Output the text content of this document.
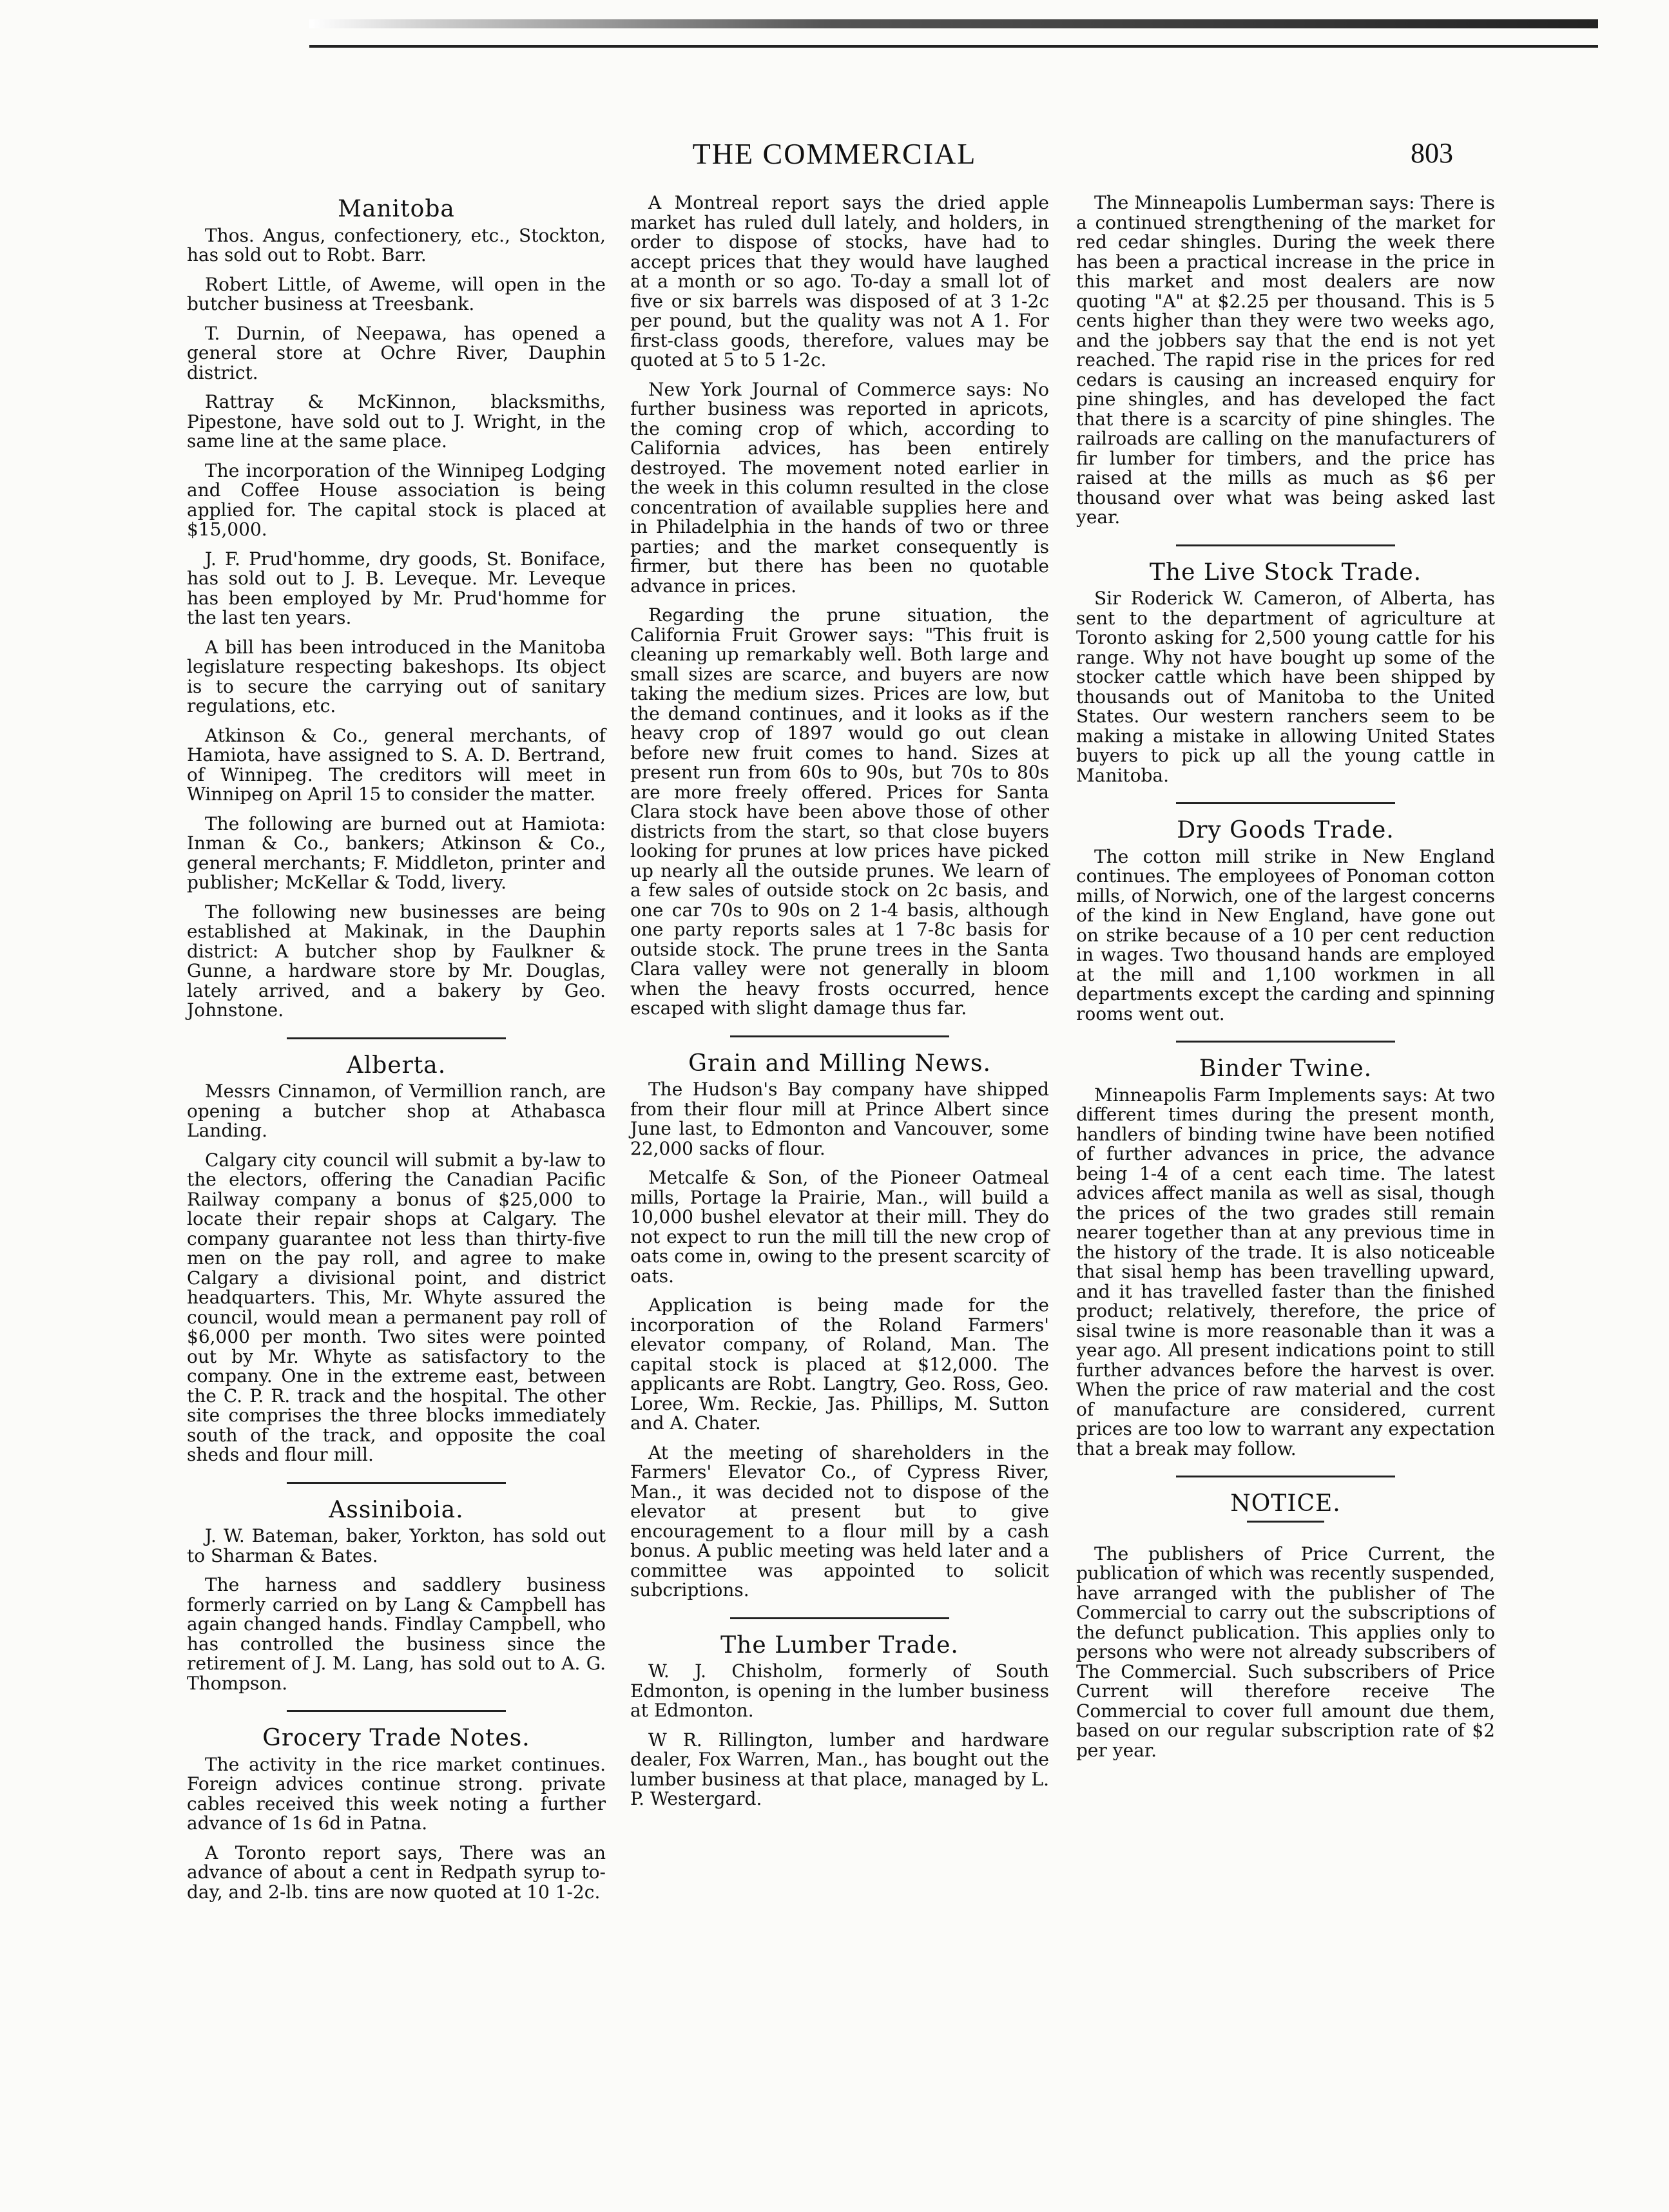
THE COMMERCIAL	803
Manitoba

Thos. Angus, confectionery, etc., Stockton, has sold out to Robt. Barr.

Robert Little, of Aweme, will open in the butcher business at Treesbank.

T. Durnin, of Neepawa, has opened a general store at Ochre River, Dauphin district.

Rattray & McKinnon, blacksmiths, Pipestone, have sold out to J. Wright, in the same line at the same place.

The incorporation of the Winnipeg Lodging and Coffee House association is being applied for. The capital stock is placed at $15,000.

J. F. Prud'homme, dry goods, St. Boniface, has sold out to J. B. Leveque. Mr. Leveque has been employed by Mr. Prud'homme for the last ten years.

A bill has been introduced in the Manitoba legislature respecting bakeshops. Its object is to secure the carrying out of sanitary regulations, etc.

Atkinson & Co., general merchants, of Hamiota, have assigned to S. A. D. Bertrand, of Winnipeg. The creditors will meet in Winnipeg on April 15 to consider the matter.

The following are burned out at Hamiota: Inman & Co., bankers; Atkinson & Co., general merchants; F. Middleton, printer and publisher; McKellar & Todd, livery.

The following new businesses are being established at Makinak, in the Dauphin district: A butcher shop by Faulkner & Gunne, a hardware store by Mr. Douglas, lately arrived, and a bakery by Geo. Johnstone.

Alberta.

Messrs Cinnamon, of Vermillion ranch, are opening a butcher shop at Athabasca Landing.

Calgary city council will submit a by-law to the electors, offering the Canadian Pacific Railway company a bonus of $25,000 to locate their repair shops at Calgary. The company guarantee not less than thirty-five men on the pay roll, and agree to make Calgary a divisional point, and district headquarters. This, Mr. Whyte assured the council, would mean a permanent pay roll of $6,000 per month. Two sites were pointed out by Mr. Whyte as satisfactory to the company. One in the extreme east, between the C. P. R. track and the hospital. The other site comprises the three blocks immediately south of the track, and opposite the coal sheds and flour mill.

Assiniboia.

J. W. Bateman, baker, Yorkton, has sold out to Sharman & Bates.

The harness and saddlery business formerly carried on by Lang & Campbell has again changed hands. Findlay Campbell, who has controlled the business since the retirement of J. M. Lang, has sold out to A. G. Thompson.

Grocery Trade Notes.

The activity in the rice market continues. Foreign advices continue strong. private cables received this week noting a further advance of 1s 6d in Patna.

A Toronto report says, There was an advance of about a cent in Redpath syrup to-day, and 2-lb. tins are now quoted at 10 1-2c.

A Montreal report says the dried apple market has ruled dull lately, and holders, in order to dispose of stocks, have had to accept prices that they would have laughed at a month or so ago. To-day a small lot of five or six barrels was disposed of at 3 1-2c per pound, but the quality was not A 1. For first-class goods, therefore, values may be quoted at 5 to 5 1-2c.

New York Journal of Commerce says: No further business was reported in apricots, the coming crop of which, according to California advices, has been entirely destroyed. The movement noted earlier in the week in this column resulted in the close concentration of available supplies here and in Philadelphia in the hands of two or three parties; and the market consequently is firmer, but there has been no quotable advance in prices.

Regarding the prune situation, the California Fruit Grower says: "This fruit is cleaning up remarkably well. Both large and small sizes are scarce, and buyers are now taking the medium sizes. Prices are low, but the demand continues, and it looks as if the heavy crop of 1897 would go out clean before new fruit comes to hand. Sizes at present run from 60s to 90s, but 70s to 80s are more freely offered. Prices for Santa Clara stock have been above those of other districts from the start, so that close buyers looking for prunes at low prices have picked up nearly all the outside prunes. We learn of a few sales of outside stock on 2c basis, and one car 70s to 90s on 2 1-4 basis, although one party reports sales at 1 7-8c basis for outside stock. The prune trees in the Santa Clara valley were not generally in bloom when the heavy frosts occurred, hence escaped with slight damage thus far.

Grain and Milling News.

The Hudson's Bay company have shipped from their flour mill at Prince Albert since June last, to Edmonton and Vancouver, some 22,000 sacks of flour.

Metcalfe & Son, of the Pioneer Oatmeal mills, Portage la Prairie, Man., will build a 10,000 bushel elevator at their mill. They do not expect to run the mill till the new crop of oats come in, owing to the present scarcity of oats.

Application is being made for the incorporation of the Roland Farmers' elevator company, of Roland, Man. The capital stock is placed at $12,000. The applicants are Robt. Langtry, Geo. Ross, Geo. Loree, Wm. Reckie, Jas. Phillips, M. Sutton and A. Chater.

At the meeting of shareholders in the Farmers' Elevator Co., of Cypress River, Man., it was decided not to dispose of the elevator at present but to give encouragement to a flour mill by a cash bonus. A public meeting was held later and a committee was appointed to solicit subcriptions.

The Lumber Trade.

W. J. Chisholm, formerly of South Edmonton, is opening in the lumber business at Edmonton.

W R. Rillington, lumber and hardware dealer, Fox Warren, Man., has bought out the lumber business at that place, managed by L. P. Westergard.

The Minneapolis Lumberman says: There is a continued strengthening of the market for red cedar shingles. During the week there has been a practical increase in the price in this market and most dealers are now quoting "A" at $2.25 per thousand. This is 5 cents higher than they were two weeks ago, and the jobbers say that the end is not yet reached. The rapid rise in the prices for red cedars is causing an increased enquiry for pine shingles, and has developed the fact that there is a scarcity of pine shingles. The railroads are calling on the manufacturers of fir lumber for timbers, and the price has raised at the mills as much as $6 per thousand over what was being asked last year.

The Live Stock Trade.

Sir Roderick W. Cameron, of Alberta, has sent to the department of agriculture at Toronto asking for 2,500 young cattle for his range. Why not have bought up some of the stocker cattle which have been shipped by thousands out of Manitoba to the United States. Our western ranchers seem to be making a mistake in allowing United States buyers to pick up all the young cattle in Manitoba.

Dry Goods Trade.

The cotton mill strike in New England continues. The employees of Ponoman cotton mills, of Norwich, one of the largest concerns of the kind in New England, have gone out on strike because of a 10 per cent reduction in wages. Two thousand hands are employed at the mill and 1,100 workmen in all departments except the carding and spinning rooms went out.

Binder Twine.

Minneapolis Farm Implements says: At two different times during the present month, handlers of binding twine have been notified of further advances in price, the advance being 1-4 of a cent each time. The latest advices affect manila as well as sisal, though the prices of the two grades still remain nearer together than at any previous time in the history of the trade. It is also noticeable that sisal hemp has been travelling upward, and it has travelled faster than the finished product; relatively, therefore, the price of sisal twine is more reasonable than it was a year ago. All present indications point to still further advances before the harvest is over. When the price of raw material and the cost of manufacture are considered, current prices are too low to warrant any expectation that a break may follow.

NOTICE.

The publishers of Price Current, the publication of which was recently suspended, have arranged with the publisher of The Commercial to carry out the subscriptions of the defunct publication. This applies only to persons who were not already subscribers of The Commercial. Such subscribers of Price Current will therefore receive The Commercial to cover full amount due them, based on our regular subscription rate of $2 per year.
